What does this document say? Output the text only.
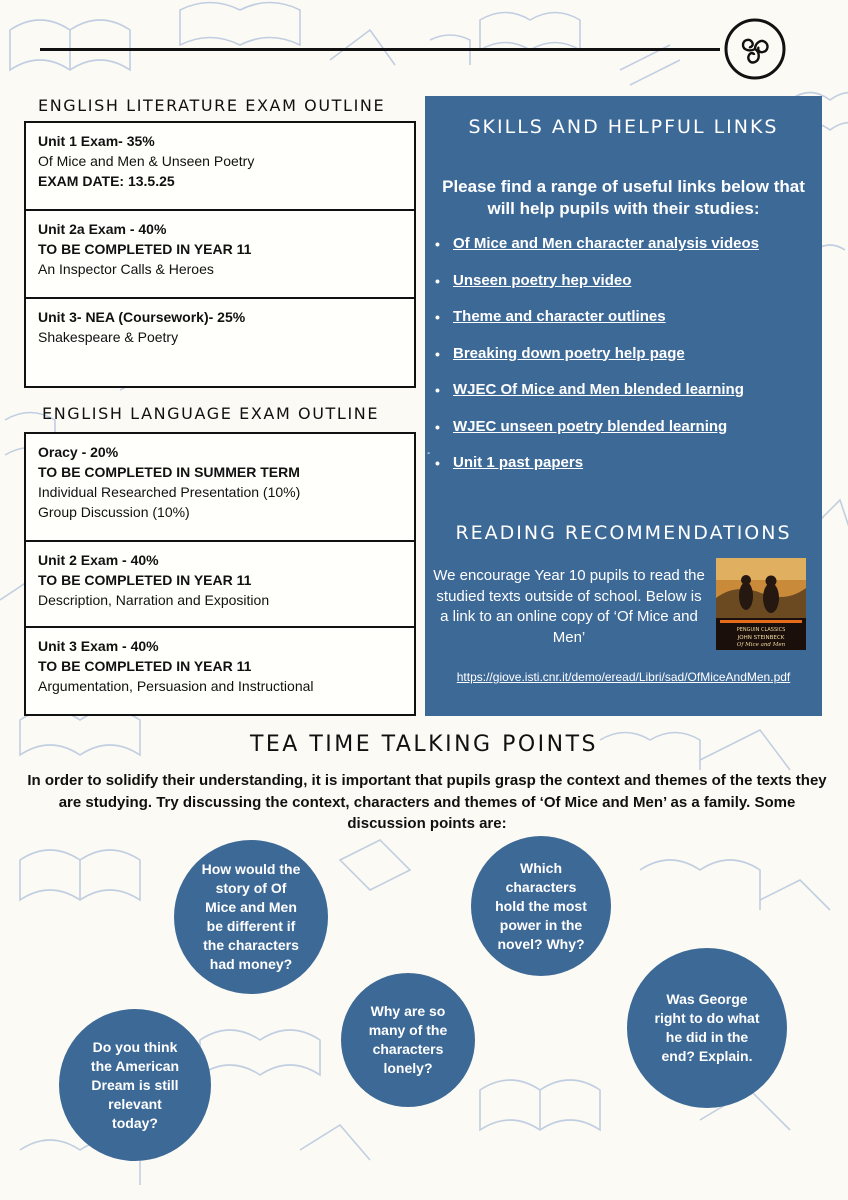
ENGLISH LITERATURE EXAM OUTLINE
Unit 1 Exam- 35%
Of Mice and Men & Unseen Poetry
EXAM DATE: 13.5.25
Unit 2a Exam - 40%
TO BE COMPLETED IN YEAR 11
An Inspector Calls & Heroes
Unit 3- NEA (Coursework)- 25%
Shakespeare & Poetry
ENGLISH LANGUAGE EXAM OUTLINE
Oracy - 20%
TO BE COMPLETED IN SUMMER TERM
Individual Researched Presentation (10%)
Group Discussion (10%)
Unit 2 Exam - 40%
TO BE COMPLETED IN YEAR 11
Description, Narration and Exposition
Unit 3 Exam - 40%
TO BE COMPLETED IN YEAR 11
Argumentation, Persuasion and Instructional
SKILLS AND HELPFUL LINKS
Please find a range of useful links below that will help pupils with their studies:
• Of Mice and Men character analysis videos
• Unseen poetry hep video
• Theme and character outlines
• Breaking down poetry help page
• WJEC Of Mice and Men blended learning
• WJEC unseen poetry blended learning
• Unit 1 past papers
-
READING RECOMMENDATIONS
We encourage Year 10 pupils to read the studied texts outside of school. Below is a link to an online copy of ‘Of Mice and Men’	PENGUIN CLASSICS
JOHN STEINBECK
Of Mice and Men
https://giove.isti.cnr.it/demo/eread/Libri/sad/OfMiceAndMen.pdf
TEA TIME TALKING POINTS
In order to solidify their understanding, it is important that pupils grasp the context and themes of the texts they are studying. Try discussing the context, characters and themes of ‘Of Mice and Men’ as a family. Some discussion points are:
How would the story of Of Mice and Men be different if the characters had money?
Which characters hold the most power in the novel? Why?
Was George right to do what he did in the end? Explain.
Why are so many of the characters lonely?
Do you think the American Dream is still relevant today?
